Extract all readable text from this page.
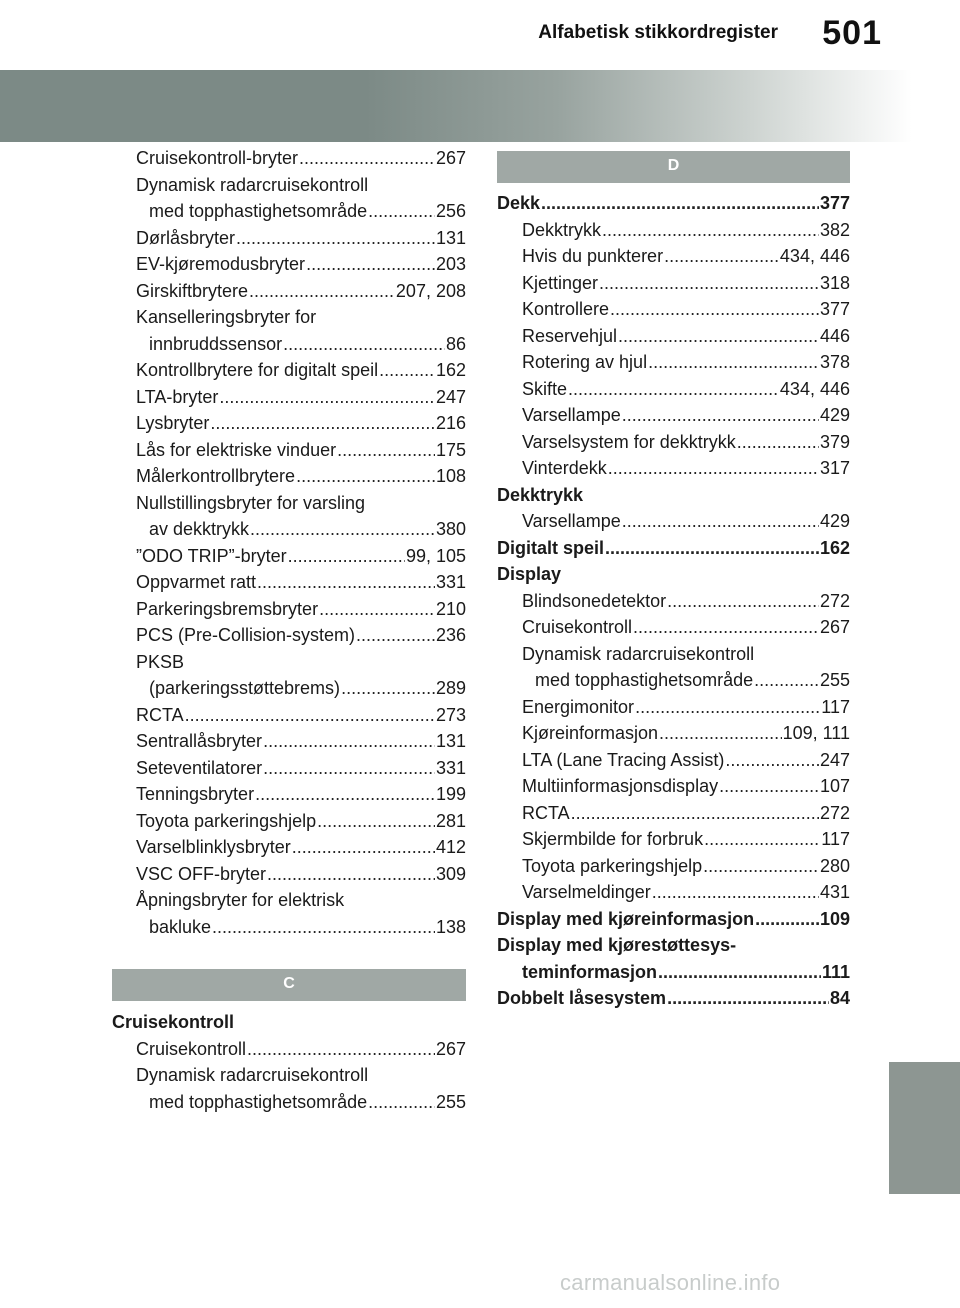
Alfabetisk stikkordregister 501
Cruisekontroll-bryter .....	267
Dynamisk radarcruisekontroll
med topphastighetsområde .....	256
Dørlåsbryter .....	131
EV-kjøremodusbryter .....	203
Girskiftbrytere .....	207, 208
Kanselleringsbryter for
innbruddssensor .....	86
Kontrollbrytere for digitalt speil .....	162
LTA-bryter .....	247
Lysbryter .....	216
Lås for elektriske vinduer .....	175
Målerkontrollbrytere .....	108
Nullstillingsbryter for varsling
av dekktrykk .....	380
”ODO TRIP”-bryter .....	99, 105
Oppvarmet ratt .....	331
Parkeringsbremsbryter .....	210
PCS (Pre-Collision-system) .....	236
PKSB
(parkeringsstøttebrems) .....	289
RCTA .....	273
Sentrallåsbryter .....	131
Seteventilatorer .....	331
Tenningsbryter .....	199
Toyota parkeringshjelp .....	281
Varselblinklysbryter .....	412
VSC OFF-bryter .....	309
Åpningsbryter for elektrisk
bakluke .....	138
C
Cruisekontroll
Cruisekontroll .....	267
Dynamisk radarcruisekontroll
med topphastighetsområde .....	255
D
Dekk .....	377
Dekktrykk .....	382
Hvis du punkterer .....	434, 446
Kjettinger .....	318
Kontrollere .....	377
Reservehjul .....	446
Rotering av hjul .....	378
Skifte .....	434, 446
Varsellampe .....	429
Varselsystem for dekktrykk .....	379
Vinterdekk .....	317
Dekktrykk
Varsellampe .....	429
Digitalt speil .....	162
Display
Blindsonedetektor .....	272
Cruisekontroll .....	267
Dynamisk radarcruisekontroll
med topphastighetsområde .....	255
Energimonitor .....	117
Kjøreinformasjon .....	109, 111
LTA (Lane Tracing Assist) .....	247
Multiinformasjonsdisplay .....	107
RCTA .....	272
Skjermbilde for forbruk .....	117
Toyota parkeringshjelp .....	280
Varselmeldinger .....	431
Display med kjøreinformasjon .....	109
Display med kjørestøttesys-
teminformasjon .....	111
Dobbelt låsesystem .....	84
carmanualsonline.info
